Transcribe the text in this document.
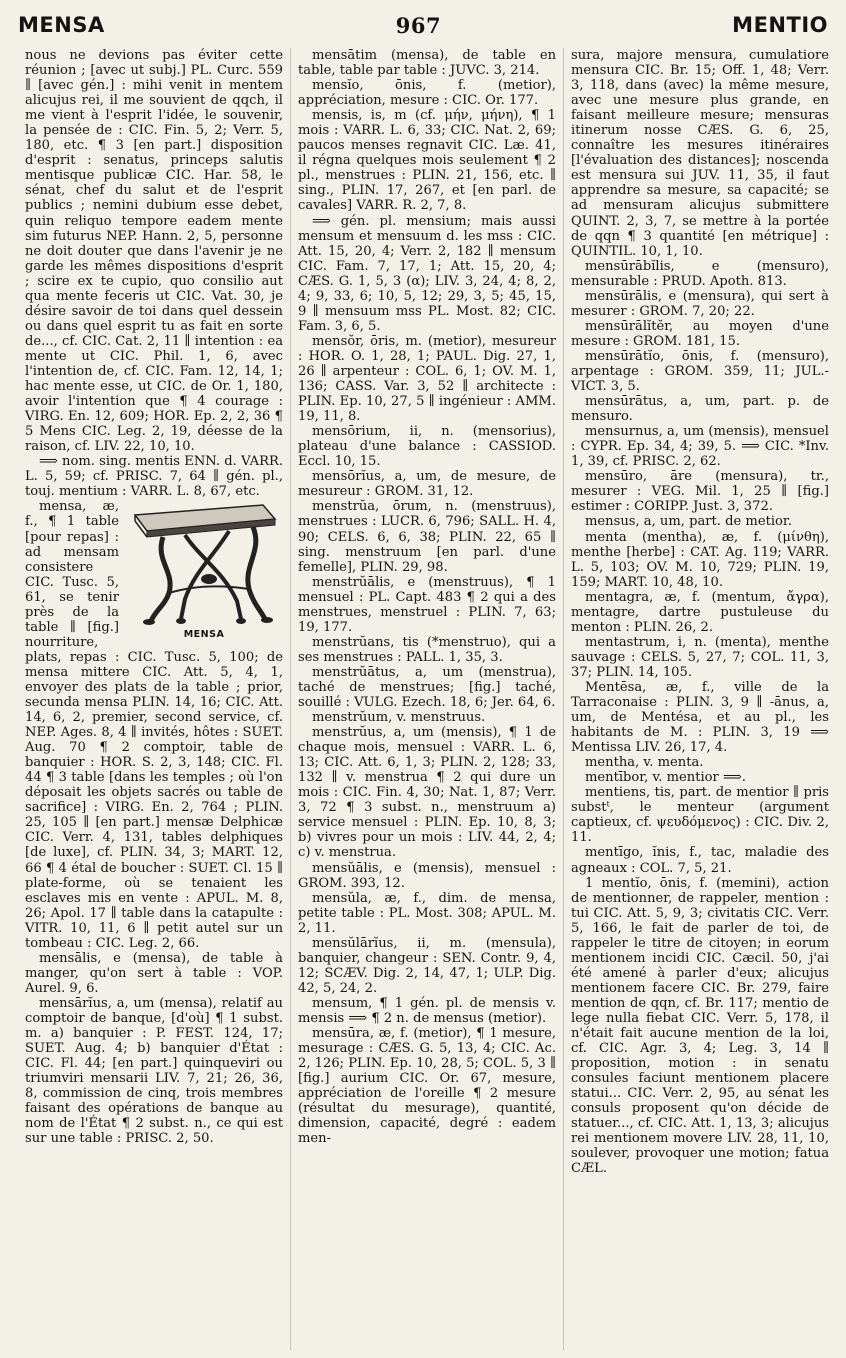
MENSA	967	MENTIO

nous ne devions pas éviter cette réunion ; [avec ut subj.] PL. Curc. 559 ∥ [avec gén.] : mihi venit in mentem alicujus rei, il me souvient de qqch, il me vient à l'esprit l'idée, le souvenir, la pensée de : CIC. Fin. 5, 2; Verr. 5, 180, etc. ¶ 3 [en part.] disposition d'esprit : senatus, princeps salutis mentisque publicæ CIC. Har. 58, le sénat, chef du salut et de l'esprit publics ; nemini dubium esse debet, quin reliquo tempore eadem mente sim futurus NEP. Hann. 2, 5, personne ne doit douter que dans l'avenir je ne garde les mêmes dispositions d'esprit ; scire ex te cupio, quo consilio aut qua mente feceris ut CIC. Vat. 30, je désire savoir de toi dans quel dessein ou dans quel esprit tu as fait en sorte de..., cf. CIC. Cat. 2, 11 ∥ intention : ea mente ut CIC. Phil. 1, 6, avec l'intention de, cf. CIC. Fam. 12, 14, 1; hac mente esse, ut CIC. de Or. 1, 180, avoir l'intention que ¶ 4 courage : VIRG. En. 12, 609; HOR. Ep. 2, 2, 36 ¶ 5 Mens CIC. Leg. 2, 19, déesse de la raison, cf. LIV. 22, 10, 10.

⟹ nom. sing. mentis ENN. d. VARR. L. 5, 59; cf. PRISC. 7, 64 ∥ gén. pl., touj. mentium : VARR. L. 8, 67, etc.

MENSA

mensa, æ, f., ¶ 1 table [pour repas] : ad mensam consistere CIC. Tusc. 5, 61, se tenir près de la table ∥ [fig.] nourriture, plats, repas : CIC. Tusc. 5, 100; de mensa mittere CIC. Att. 5, 4, 1, envoyer des plats de la table ; prior, secunda mensa PLIN. 14, 16; CIC. Att. 14, 6, 2, premier, second service, cf. NEP. Ages. 8, 4 ∥ invités, hôtes : SUET. Aug. 70 ¶ 2 comptoir, table de banquier : HOR. S. 2, 3, 148; CIC. Fl. 44 ¶ 3 table [dans les temples ; où l'on déposait les objets sacrés ou table de sacrifice] : VIRG. En. 2, 764 ; PLIN. 25, 105 ∥ [en part.] mensæ Delphicæ CIC. Verr. 4, 131, tables delphiques [de luxe], cf. PLIN. 34, 3; MART. 12, 66 ¶ 4 étal de boucher : SUET. Cl. 15 ∥ plate-forme, où se tenaient les esclaves mis en vente : APUL. M. 8, 26; Apol. 17 ∥ table dans la catapulte : VITR. 10, 11, 6 ∥ petit autel sur un tombeau : CIC. Leg. 2, 66.

mensālis, e (mensa), de table à manger, qu'on sert à table : VOP. Aurel. 9, 6.

mensārĭus, a, um (mensa), relatif au comptoir de banque, [d'où] ¶ 1 subst. m. a) banquier : P. FEST. 124, 17; SUET. Aug. 4; b) banquier d'État : CIC. Fl. 44; [en part.] quinqueviri ou triumviri mensarii LIV. 7, 21; 26, 36, 8, commission de cinq, trois membres faisant des opérations de banque au nom de l'État ¶ 2 subst. n., ce qui est sur une table : PRISC. 2, 50.

mensātim (mensa), de table en table, table par table : JUVC. 3, 214.

mensĭo, ōnis, f. (metior), appréciation, mesure : CIC. Or. 177.

mensis, is, m (cf. μήν, μήνη), ¶ 1 mois : VARR. L. 6, 33; CIC. Nat. 2, 69; paucos menses regnavit CIC. Læ. 41, il régna quelques mois seulement ¶ 2 pl., menstrues : PLIN. 21, 156, etc. ∥ sing., PLIN. 17, 267, et [en parl. de cavales] VARR. R. 2, 7, 8.

⟹ gén. pl. mensium; mais aussi mensum et mensuum d. les mss : CIC. Att. 15, 20, 4; Verr. 2, 182 ∥ mensum CIC. Fam. 7, 17, 1; Att. 15, 20, 4; CÆS. G. 1, 5, 3 (α); LIV. 3, 24, 4; 8, 2, 4; 9, 33, 6; 10, 5, 12; 29, 3, 5; 45, 15, 9 ∥ mensuum mss PL. Most. 82; CIC. Fam. 3, 6, 5.

mensŏr, ōris, m. (metior), mesureur : HOR. O. 1, 28, 1; PAUL. Dig. 27, 1, 26 ∥ arpenteur : COL. 6, 1; OV. M. 1, 136; CASS. Var. 3, 52 ∥ architecte : PLIN. Ep. 10, 27, 5 ∥ ingénieur : AMM. 19, 11, 8.

mensōrium, ii, n. (mensorius), plateau d'une balance : CASSIOD. Eccl. 10, 15.

mensōrĭus, a, um, de mesure, de mesureur : GROM. 31, 12.

menstrŭa, ōrum, n. (menstruus), menstrues : LUCR. 6, 796; SALL. H. 4, 90; CELS. 6, 6, 38; PLIN. 22, 65 ∥ sing. menstruum [en parl. d'une femelle], PLIN. 29, 98.

menstrŭālis, e (menstruus), ¶ 1 mensuel : PL. Capt. 483 ¶ 2 qui a des menstrues, menstruel : PLIN. 7, 63; 19, 177.

menstrŭans, tis (*menstruo), qui a ses menstrues : PALL. 1, 35, 3.

menstrŭātus, a, um (menstrua), taché de menstrues; [fig.] taché, souillé : VULG. Ezech. 18, 6; Jer. 64, 6.

menstrŭum, v. menstruus.

menstrŭus, a, um (mensis), ¶ 1 de chaque mois, mensuel : VARR. L. 6, 13; CIC. Att. 6, 1, 3; PLIN. 2, 128; 33, 132 ∥ v. menstrua ¶ 2 qui dure un mois : CIC. Fin. 4, 30; Nat. 1, 87; Verr. 3, 72 ¶ 3 subst. n., menstruum a) service mensuel : PLIN. Ep. 10, 8, 3; b) vivres pour un mois : LIV. 44, 2, 4; c) v. menstrua.

mensŭālis, e (mensis), mensuel : GROM. 393, 12.

mensŭla, æ, f., dim. de mensa, petite table : PL. Most. 308; APUL. M. 2, 11.

mensŭlārĭus, ii, m. (mensula), banquier, changeur : SEN. Contr. 9, 4, 12; SCÆV. Dig. 2, 14, 47, 1; ULP. Dig. 42, 5, 24, 2.

mensum, ¶ 1 gén. pl. de mensis v. mensis ⟹ ¶ 2 n. de mensus (metior).

mensūra, æ, f. (metior), ¶ 1 mesure, mesurage : CÆS. G. 5, 13, 4; CIC. Ac. 2, 126; PLIN. Ep. 10, 28, 5; COL. 5, 3 ∥ [fig.] aurium CIC. Or. 67, mesure, appréciation de l'oreille ¶ 2 mesure (résultat du mesurage), quantité, dimension, capacité, degré : eadem men-

sura, majore mensura, cumulatiore mensura CIC. Br. 15; Off. 1, 48; Verr. 3, 118, dans (avec) la même mesure, avec une mesure plus grande, en faisant meilleure mesure; mensuras itinerum nosse CÆS. G. 6, 25, connaître les mesures itinéraires [l'évaluation des distances]; noscenda est mensura sui JUV. 11, 35, il faut apprendre sa mesure, sa capacité; se ad mensuram alicujus submittere QUINT. 2, 3, 7, se mettre à la portée de qqn ¶ 3 quantité [en métrique] : QUINTIL. 10, 1, 10.

mensūrābĭlis, e (mensuro), mensurable : PRUD. Apoth. 813.

mensūrālis, e (mensura), qui sert à mesurer : GROM. 7, 20; 22.

mensūrālĭtĕr, au moyen d'une mesure : GROM. 181, 15.

mensūrātĭo, ōnis, f. (mensuro), arpentage : GROM. 359, 11; JUL.-VICT. 3, 5.

mensūrātus, a, um, part. p. de mensuro.

mensurnus, a, um (mensis), mensuel : CYPR. Ep. 34, 4; 39, 5. ⟹ CIC. *Inv. 1, 39, cf. PRISC. 2, 62.

mensūro, āre (mensura), tr., mesurer : VEG. Mil. 1, 25 ∥ [fig.] estimer : CORIPP. Just. 3, 372.

mensus, a, um, part. de metior.

menta (mentha), æ, f. (μίνθη), menthe [herbe] : CAT. Ag. 119; VARR. L. 5, 103; OV. M. 10, 729; PLIN. 19, 159; MART. 10, 48, 10.

mentagra, æ, f. (mentum, ἄγρα), mentagre, dartre pustuleuse du menton : PLIN. 26, 2.

mentastrum, i, n. (menta), menthe sauvage : CELS. 5, 27, 7; COL. 11, 3, 37; PLIN. 14, 105.

Mentēsa, æ, f., ville de la Tarraconaise : PLIN. 3, 9 ∥ -ānus, a, um, de Mentésa, et au pl., les habitants de M. : PLIN. 3, 19 ⟹ Mentissa LIV. 26, 17, 4.

mentha, v. menta.

mentībor, v. mentior ⟹.

mentiens, tis, part. de mentior ∥ pris substᵗ, le menteur (argument captieux, cf. ψευδόμενος) : CIC. Div. 2, 11.

mentīgo, ĭnis, f., tac, maladie des agneaux : COL. 7, 5, 21.

1 mentĭo, ōnis, f. (memini), action de mentionner, de rappeler, mention : tui CIC. Att. 5, 9, 3; civitatis CIC. Verr. 5, 166, le fait de parler de toi, de rappeler le titre de citoyen; in eorum mentionem incidi CIC. Cæcil. 50, j'ai été amené à parler d'eux; alicujus mentionem facere CIC. Br. 279, faire mention de qqn, cf. Br. 117; mentio de lege nulla fiebat CIC. Verr. 5, 178, il n'était fait aucune mention de la loi, cf. CIC. Agr. 3, 4; Leg. 3, 14 ∥ proposition, motion : in senatu consules faciunt mentionem placere statui... CIC. Verr. 2, 95, au sénat les consuls proposent qu'on décide de statuer..., cf. CIC. Att. 1, 13, 3; alicujus rei mentionem movere LIV. 28, 11, 10, soulever, provoquer une motion; fatua CÆL.
